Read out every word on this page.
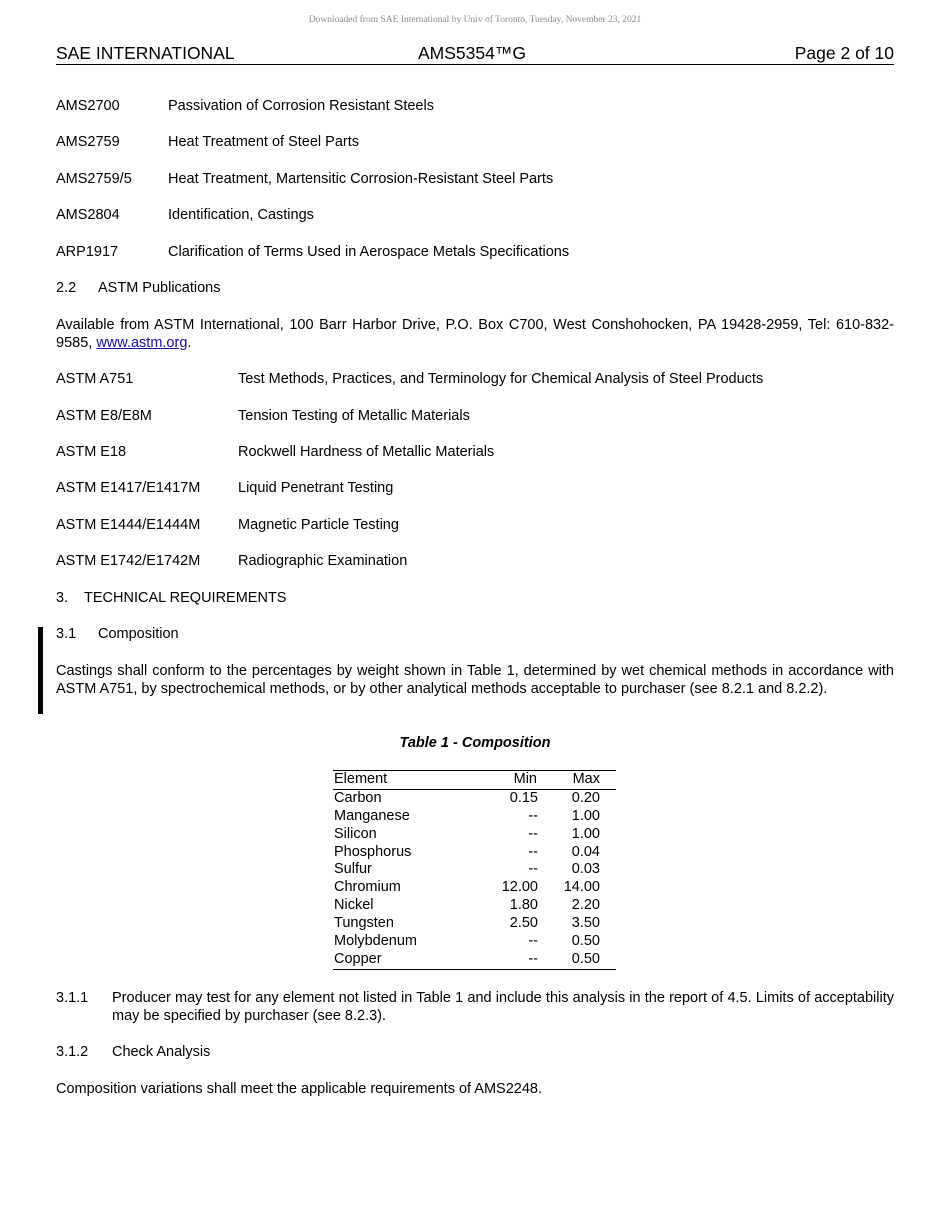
Downloaded from SAE International by Univ of Toronto, Tuesday, November 23, 2021
SAE INTERNATIONAL	AMS5354™G	Page 2 of 10
AMS2700	Passivation of Corrosion Resistant Steels
AMS2759	Heat Treatment of Steel Parts
AMS2759/5 Heat Treatment, Martensitic Corrosion-Resistant Steel Parts
AMS2804	Identification, Castings
ARP1917	Clarification of Terms Used in Aerospace Metals Specifications
2.2 ASTM Publications
Available from ASTM International, 100 Barr Harbor Drive, P.O. Box C700, West Conshohocken, PA 19428-2959, Tel: 610-832-9585, www.astm.org.
ASTM A751	Test Methods, Practices, and Terminology for Chemical Analysis of Steel Products
ASTM E8/E8M	Tension Testing of Metallic Materials
ASTM E18	Rockwell Hardness of Metallic Materials
ASTM E1417/E1417M	Liquid Penetrant Testing
ASTM E1444/E1444M	Magnetic Particle Testing
ASTM E1742/E1742M	Radiographic Examination
3. TECHNICAL REQUIREMENTS
3.1 Composition
Castings shall conform to the percentages by weight shown in Table 1, determined by wet chemical methods in accordance with ASTM A751, by spectrochemical methods, or by other analytical methods acceptable to purchaser (see 8.2.1 and 8.2.2).
Table 1 - Composition
Element	Min Max
Carbon	0.15 0.20
Manganese	-- 1.00
Silicon	-- 1.00
Phosphorus	-- 0.04
Sulfur	-- 0.03
Chromium	12.00 14.00
Nickel	1.80 2.20
Tungsten	2.50 3.50
Molybdenum	-- 0.50
Copper	-- 0.50
3.1.1 Producer may test for any element not listed in Table 1 and include this analysis in the report of 4.5. Limits of acceptability may be specified by purchaser (see 8.2.3).
3.1.2 Check Analysis
Composition variations shall meet the applicable requirements of AMS2248.
